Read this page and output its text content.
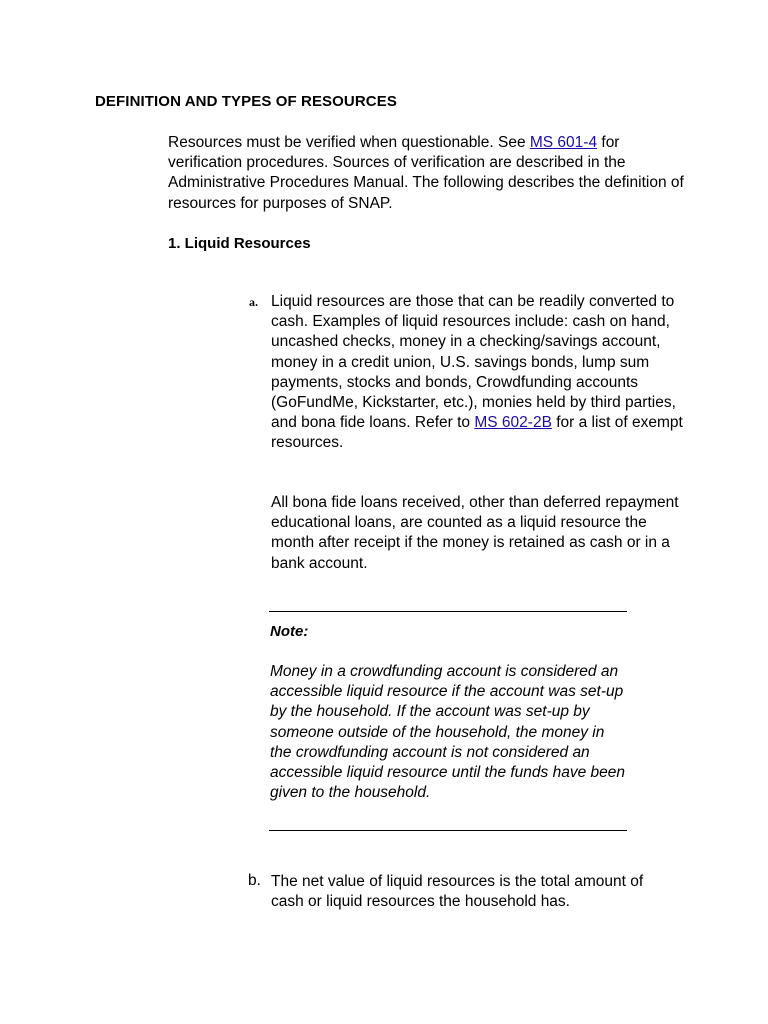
DEFINITION AND TYPES OF RESOURCES

Resources must be verified when questionable. See MS 601-4 for verification procedures. Sources of verification are described in the Administrative Procedures Manual. The following describes the definition of resources for purposes of SNAP.

1. Liquid Resources
a. Liquid resources are those that can be readily converted to cash. Examples of liquid resources include: cash on hand, uncashed checks, money in a checking/savings account, money in a credit union, U.S. savings bonds, lump sum payments, stocks and bonds, Crowdfunding accounts (GoFundMe, Kickstarter, etc.), monies held by third parties, and bona fide loans. Refer to MS 602-2B for a list of exempt resources.

All bona fide loans received, other than deferred repayment educational loans, are counted as a liquid resource the month after receipt if the money is retained as cash or in a bank account.

Note:

Money in a crowdfunding account is considered an accessible liquid resource if the account was set-up by the household. If the account was set-up by someone outside of the household, the money in the crowdfunding account is not considered an accessible liquid resource until the funds have been given to the household.

b. The net value of liquid resources is the total amount of cash or liquid resources the household has.
